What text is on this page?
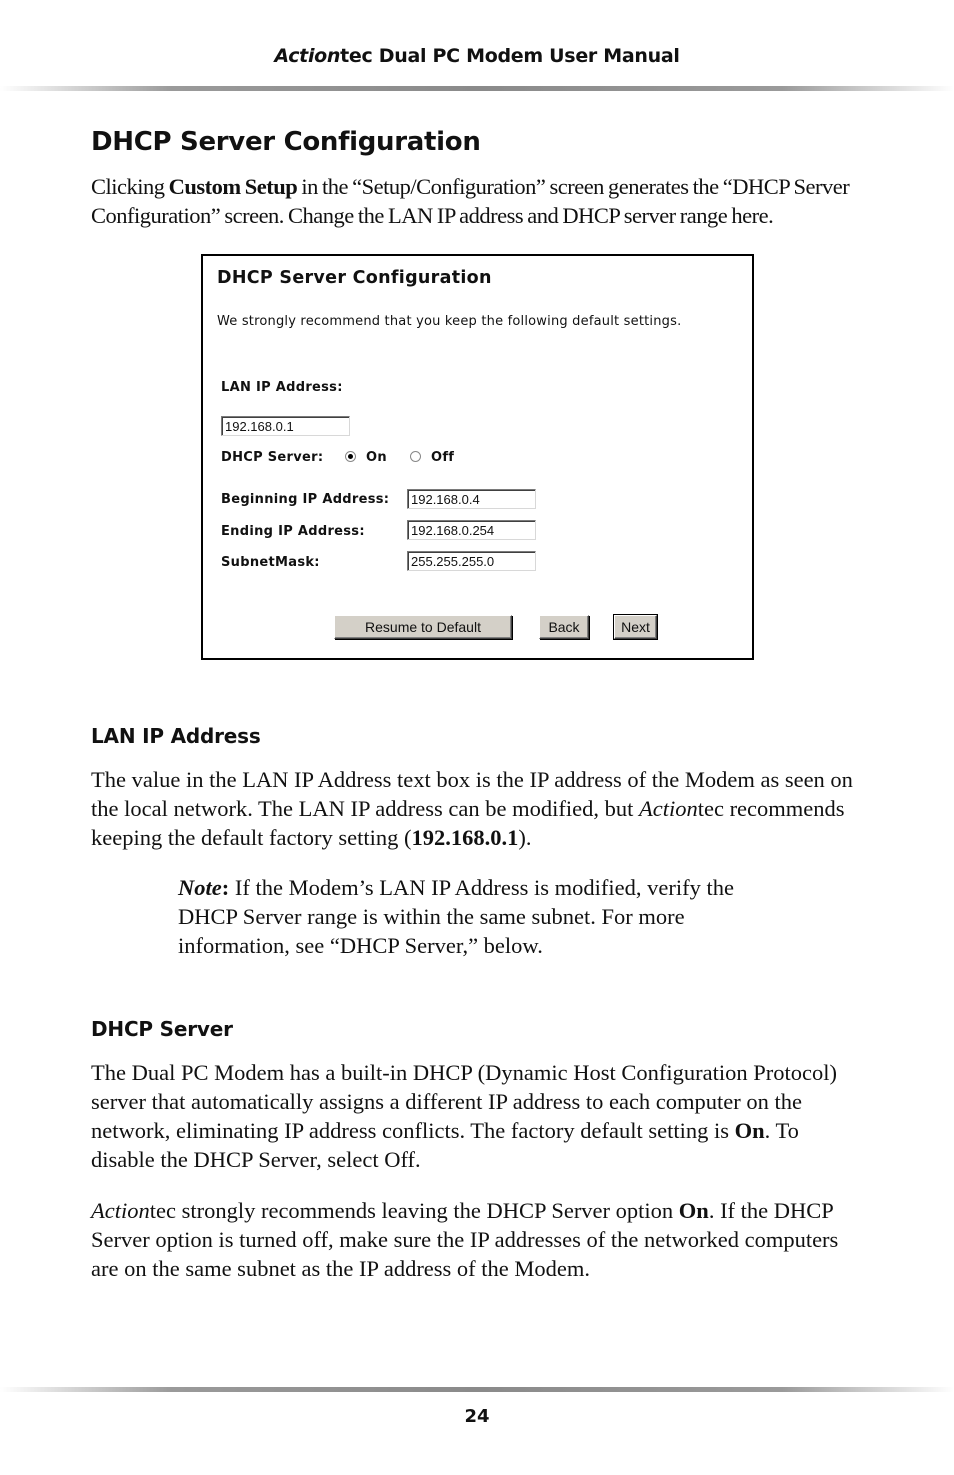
Actiontec Dual PC Modem User Manual
DHCP Server Configuration

Clicking Custom Setup in the “Setup/Configuration” screen generates the “DHCP Server Configuration” screen. Change the LAN IP address and DHCP server range here.

DHCP Server Configuration
We strongly recommend that you keep the following default settings.
LAN IP Address:
192.168.0.1
DHCP Server:	On	Off
Beginning IP Address:	192.168.0.4
Ending IP Address:	192.168.0.254
SubnetMask:	255.255.255.0
Resume to Default	Back	Next
LAN IP Address

The value in the LAN IP Address text box is the IP address of the Modem as seen on the local network. The LAN IP address can be modified, but Actiontec recommends keeping the default factory setting (192.168.0.1).

Note: If the Modem’s LAN IP Address is modified, verify the DHCP Server range is within the same subnet. For more information, see “DHCP Server,” below.

DHCP Server

The Dual PC Modem has a built-in DHCP (Dynamic Host Configuration Protocol) server that automatically assigns a different IP address to each computer on the network, eliminating IP address conflicts. The factory default setting is On. To disable the DHCP Server, select Off.

Actiontec strongly recommends leaving the DHCP Server option On. If the DHCP Server option is turned off, make sure the IP addresses of the networked computers are on the same subnet as the IP address of the Modem.

24
